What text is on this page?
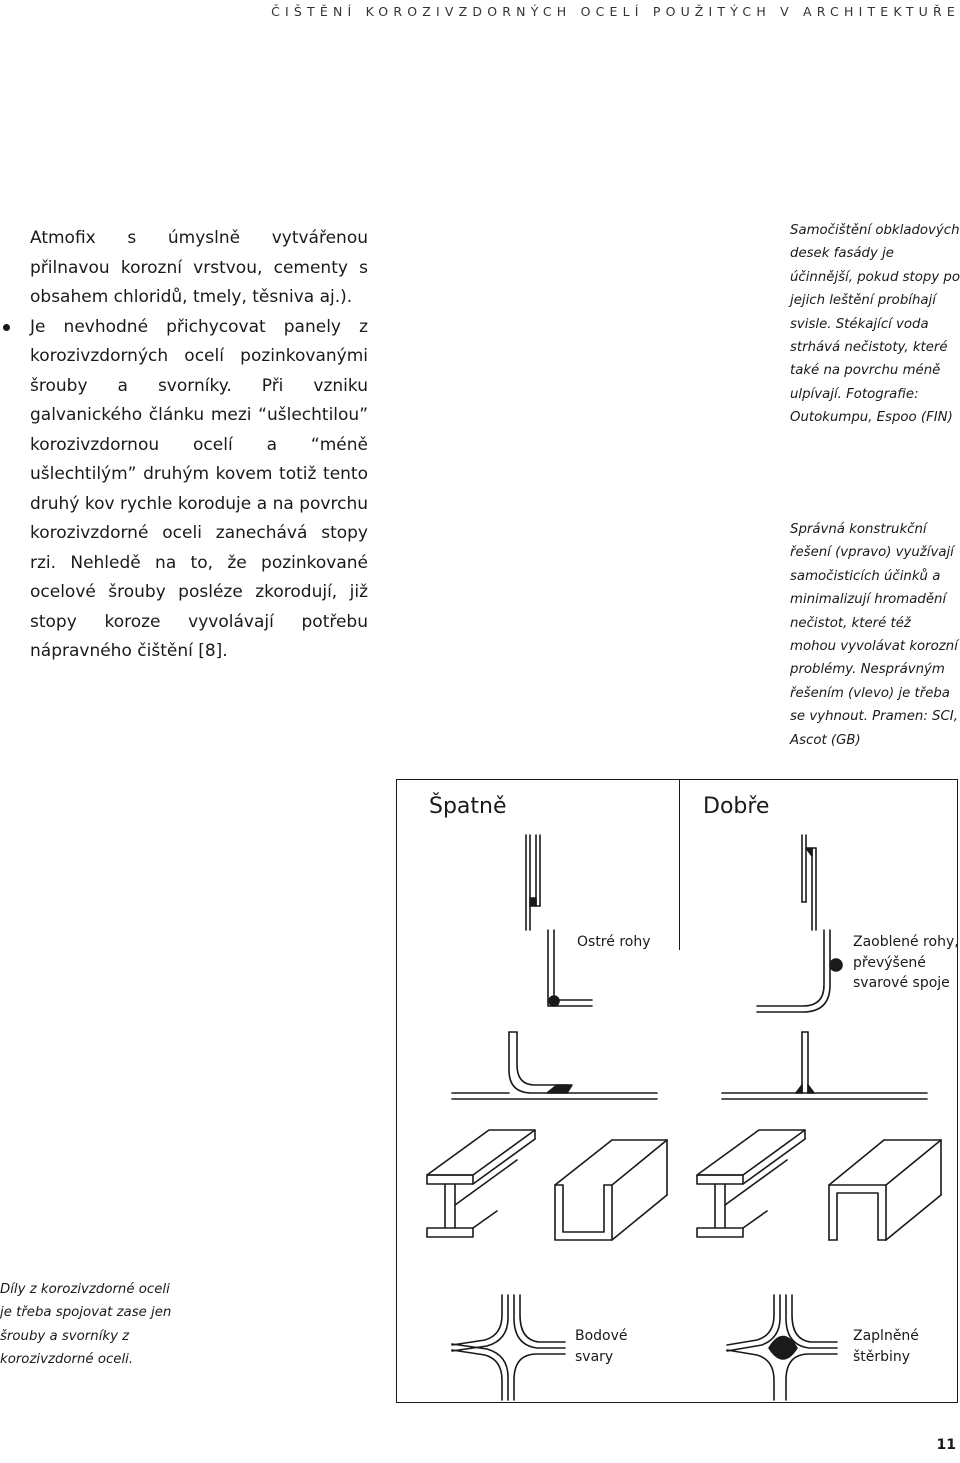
ČIŠTĚNÍ KOROZIVZDORNÝCH OCELÍ POUŽITÝCH V ARCHITEKTUŘE

Atmofix s úmyslně vytvářenou přilnavou korozní vrstvou, cementy s obsahem chloridů, tmely, těsniva aj.).

Je nevhodné přichycovat panely z korozivzdorných ocelí pozinkovanými šrouby a svorníky. Při vzniku galvanického článku mezi “ušlechtilou” korozivzdornou ocelí a “méně ušlechtilým” druhým kovem totiž tento druhý kov rychle koroduje a na povrchu korozivzdorné oceli zanechává stopy rzi. Nehledě na to, že pozinkované ocelové šrouby posléze zkorodují, již stopy koroze vyvolávají potřebu nápravného čištění [8].

Samočištění obkladových desek fasády je účinnější, pokud stopy po jejich leštění probíhají svisle. Stékající voda strhává nečistoty, které také na povrchu méně ulpívají. Fotografie: Outokumpu, Espoo (FIN)
Správná konstrukční řešení (vpravo) využívají samočisticích účinků a minimalizují hromadění nečistot, které též mohou vyvolávat korozní problémy. Nesprávným řešením (vlevo) je třeba se vyhnout. Pramen: SCI, Ascot (GB)
Díly z korozivzdorné oceli je třeba spojovat zase jen šrouby a svorníky z korozivzdorné oceli.
Špatně	Dobře
Ostré rohy	Zaoblené rohy, převýšené svarové spoje
Bodové svary
Zaplněné štěrbiny
11
